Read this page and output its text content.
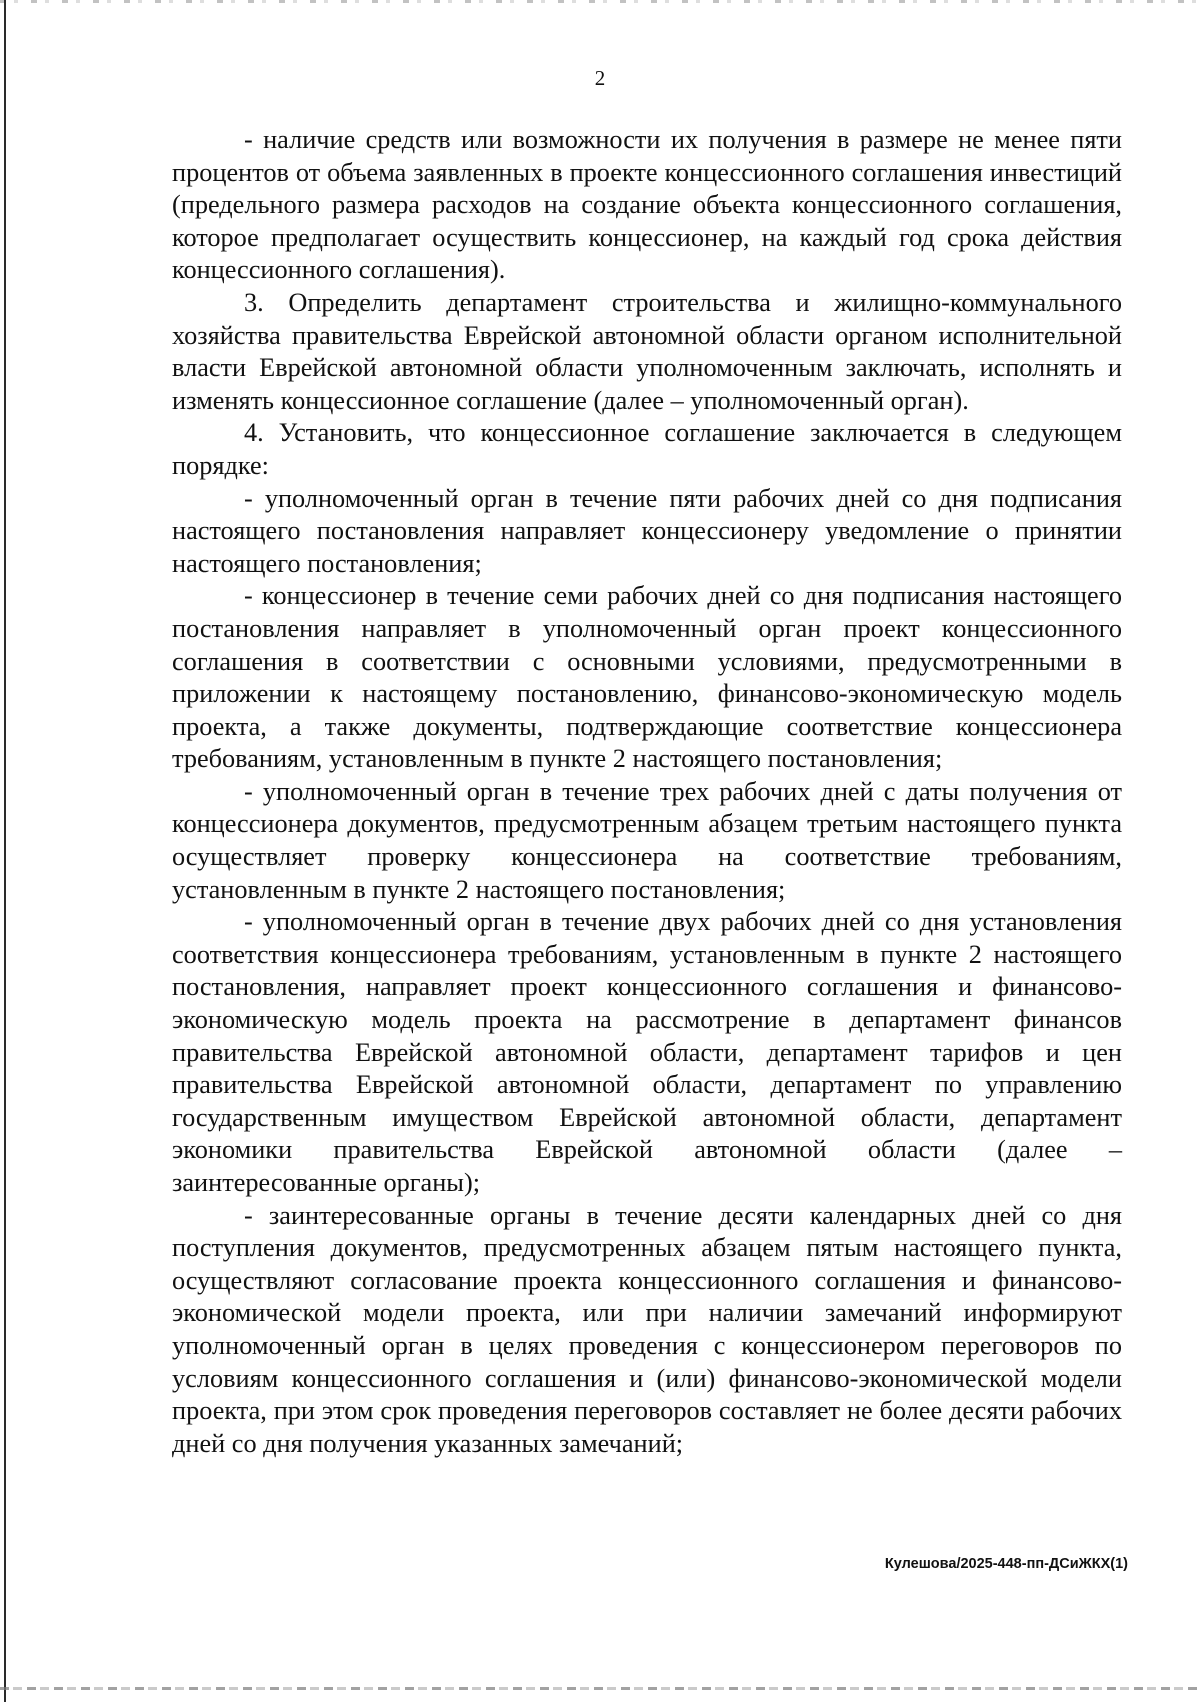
2

- наличие средств или возможности их получения в размере не менее пяти процентов от объема заявленных в проекте концессионного соглашения инвестиций (предельного размера расходов на создание объекта концессионного соглашения, которое предполагает осуществить концессионер, на каждый год срока действия концессионного соглашения).

3. Определить департамент строительства и жилищно-коммунального хозяйства правительства Еврейской автономной области органом исполнительной власти Еврейской автономной области уполномоченным заключать, исполнять и изменять концессионное соглашение (далее – уполномоченный орган).

4. Установить, что концессионное соглашение заключается в следующем порядке:

- уполномоченный орган в течение пяти рабочих дней со дня подписания настоящего постановления направляет концессионеру уведомление о принятии настоящего постановления;

- концессионер в течение семи рабочих дней со дня подписания настоящего постановления направляет в уполномоченный орган проект концессионного соглашения в соответствии с основными условиями, предусмотренными в приложении к настоящему постановлению, финансово-экономическую модель проекта, а также документы, подтверждающие соответствие концессионера требованиям, установленным в пункте 2 настоящего постановления;

- уполномоченный орган в течение трех рабочих дней с даты получения от концессионера документов, предусмотренным абзацем третьим настоящего пункта осуществляет проверку концессионера на соответствие требованиям, установленным в пункте 2 настоящего постановления;

- уполномоченный орган в течение двух рабочих дней со дня установления соответствия концессионера требованиям, установленным в пункте 2 настоящего постановления, направляет проект концессионного соглашения и финансово-экономическую модель проекта на рассмотрение в департамент финансов правительства Еврейской автономной области, департамент тарифов и цен правительства Еврейской автономной области, департамент по управлению государственным имуществом Еврейской автономной области, департамент экономики правительства Еврейской автономной области (далее – заинтересованные органы);

- заинтересованные органы в течение десяти календарных дней со дня поступления документов, предусмотренных абзацем пятым настоящего пункта, осуществляют согласование проекта концессионного соглашения и финансово-экономической модели проекта, или при наличии замечаний информируют уполномоченный орган в целях проведения с концессионером переговоров по условиям концессионного соглашения и (или) финансово-экономической модели проекта, при этом срок проведения переговоров составляет не более десяти рабочих дней со дня получения указанных замечаний;

Кулешова/2025-448-пп-ДСиЖКХ(1)
